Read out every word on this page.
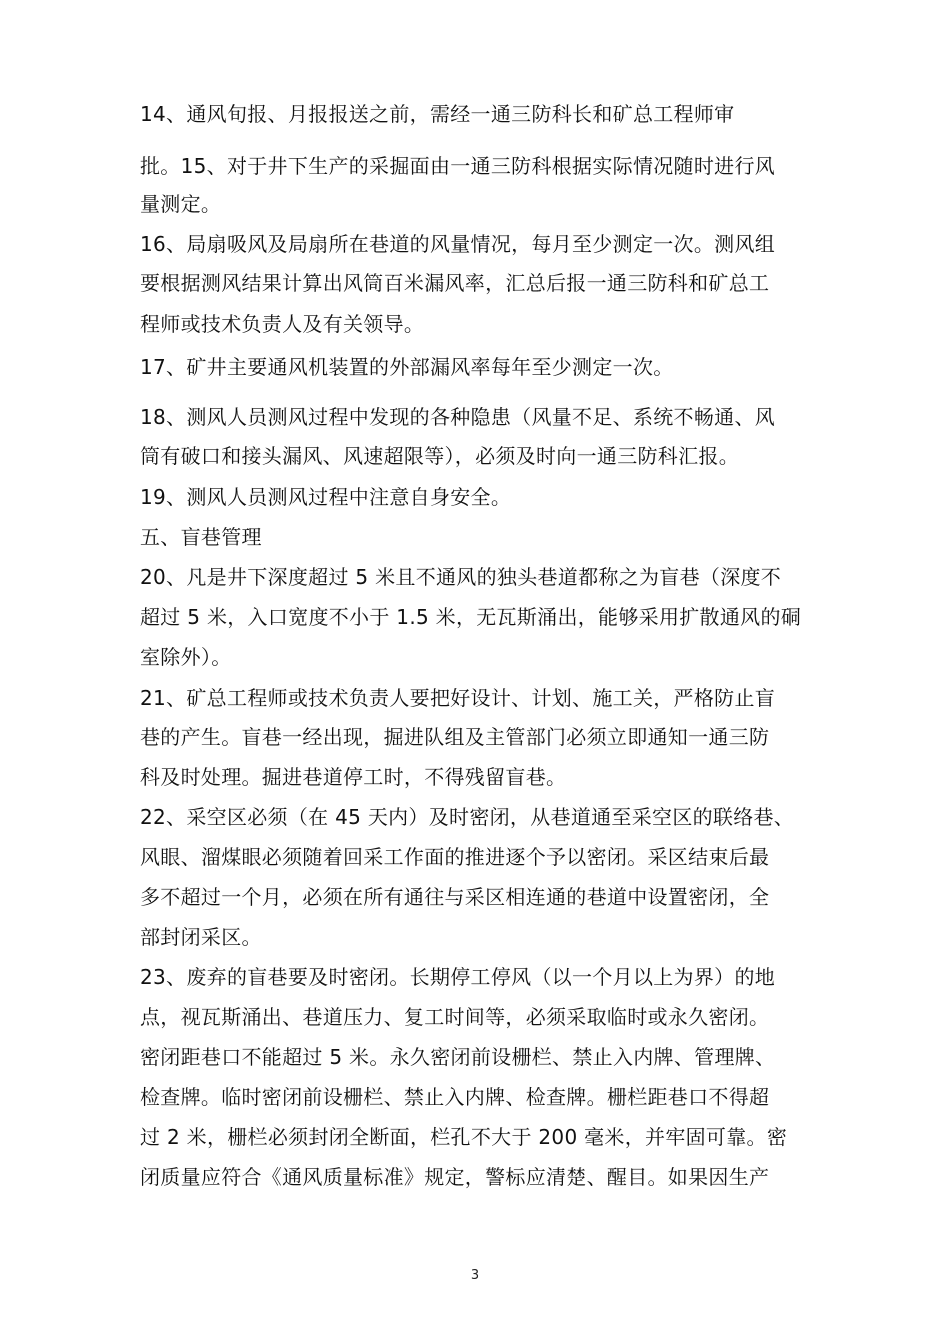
14、通风旬报、月报报送之前，需经一通三防科长和矿总工程师审
批。15、对于井下生产的采掘面由一通三防科根据实际情况随时进行风
量测定。
16、局扇吸风及局扇所在巷道的风量情况，每月至少测定一次。测风组
要根据测风结果计算出风筒百米漏风率，汇总后报一通三防科和矿总工
程师或技术负责人及有关领导。
17、矿井主要通风机装置的外部漏风率每年至少测定一次。
18、测风人员测风过程中发现的各种隐患（风量不足、系统不畅通、风
筒有破口和接头漏风、风速超限等），必须及时向一通三防科汇报。
19、测风人员测风过程中注意自身安全。
五、盲巷管理
20、凡是井下深度超过 5 米且不通风的独头巷道都称之为盲巷（深度不
超过 5 米，入口宽度不小于 1.5 米，无瓦斯涌出，能够采用扩散通风的硐
室除外）。
21、矿总工程师或技术负责人要把好设计、计划、施工关，严格防止盲
巷的产生。盲巷一经出现，掘进队组及主管部门必须立即通知一通三防
科及时处理。掘进巷道停工时，不得残留盲巷。
22、采空区必须（在 45 天内）及时密闭，从巷道通至采空区的联络巷、
风眼、溜煤眼必须随着回采工作面的推进逐个予以密闭。采区结束后最
多不超过一个月，必须在所有通往与采区相连通的巷道中设置密闭，全
部封闭采区。
23、废弃的盲巷要及时密闭。长期停工停风（以一个月以上为界）的地
点，视瓦斯涌出、巷道压力、复工时间等，必须采取临时或永久密闭。
密闭距巷口不能超过 5 米。永久密闭前设栅栏、禁止入内牌、管理牌、
检查牌。临时密闭前设栅栏、禁止入内牌、检查牌。栅栏距巷口不得超
过 2 米，栅栏必须封闭全断面，栏孔不大于 200 毫米，并牢固可靠。密
闭质量应符合《通风质量标准》规定，警标应清楚、醒目。如果因生产
3
